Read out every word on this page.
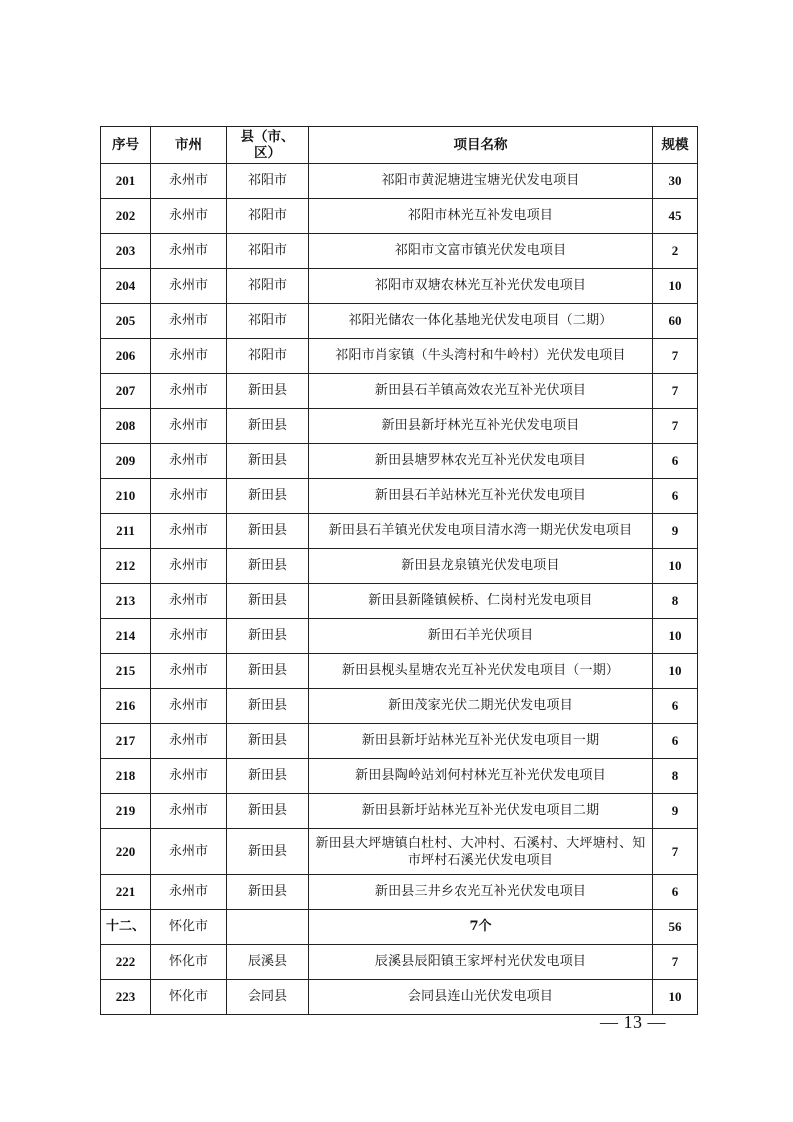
序号	市州	县（市、区）	项目名称	规模
201	永州市	祁阳市	祁阳市黄泥塘进宝塘光伏发电项目	30
202	永州市	祁阳市	祁阳市林光互补发电项目	45
203	永州市	祁阳市	祁阳市文富市镇光伏发电项目	2
204	永州市	祁阳市	祁阳市双塘农林光互补光伏发电项目	10
205	永州市	祁阳市	祁阳光储农一体化基地光伏发电项目（二期）	60
206	永州市	祁阳市	祁阳市肖家镇（牛头湾村和牛岭村）光伏发电项目	7
207	永州市	新田县	新田县石羊镇高效农光互补光伏项目	7
208	永州市	新田县	新田县新圩林光互补光伏发电项目	7
209	永州市	新田县	新田县塘罗林农光互补光伏发电项目	6
210	永州市	新田县	新田县石羊站林光互补光伏发电项目	6
211	永州市	新田县	新田县石羊镇光伏发电项目清水湾一期光伏发电项目	9
212	永州市	新田县	新田县龙泉镇光伏发电项目	10
213	永州市	新田县	新田县新隆镇候桥、仁岗村光发电项目	8
214	永州市	新田县	新田石羊光伏项目	10
215	永州市	新田县	新田县枧头星塘农光互补光伏发电项目（一期）	10
216	永州市	新田县	新田茂家光伏二期光伏发电项目	6
217	永州市	新田县	新田县新圩站林光互补光伏发电项目一期	6
218	永州市	新田县	新田县陶岭站刘何村林光互补光伏发电项目	8
219	永州市	新田县	新田县新圩站林光互补光伏发电项目二期	9
220	永州市	新田县	新田县大坪塘镇白杜村、大冲村、石溪村、大坪塘村、知市坪村石溪光伏发电项目	7
221	永州市	新田县	新田县三井乡农光互补光伏发电项目	6
十二、	怀化市		7个	56
222	怀化市	辰溪县	辰溪县辰阳镇王家坪村光伏发电项目	7
223	怀化市	会同县	会同县连山光伏发电项目	10
— 13 —
